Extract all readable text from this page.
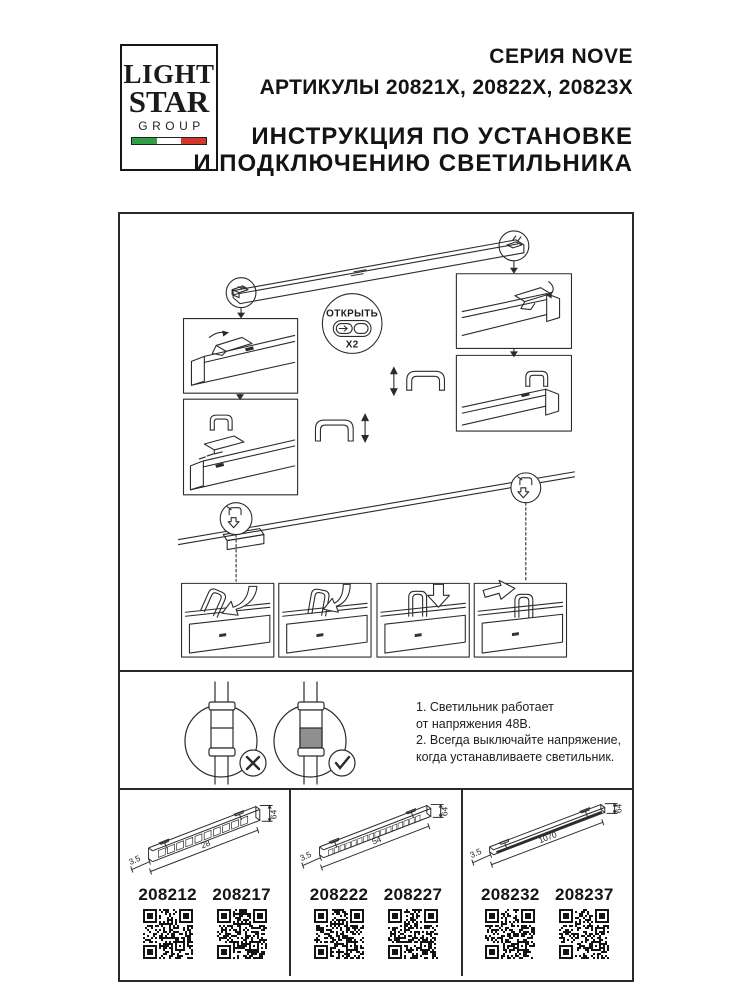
LIGHT
STAR
GROUP
СЕРИЯ NOVE
АРТИКУЛЫ 20821X, 20822X, 20823X
ИНСТРУКЦИЯ ПО УСТАНОВКЕ
И ПОДКЛЮЧЕНИЮ СВЕТИЛЬНИКА
ОТКРЫТЬ
X2
1. Светильник работает
от напряжения 48В.
2. Всегда выключайте напряжение,
когда устанавливаете светильник.
64
28
3.5
208212 208217
64
54
3.5
208222 208227
64
1070
3.5
208232 208237
